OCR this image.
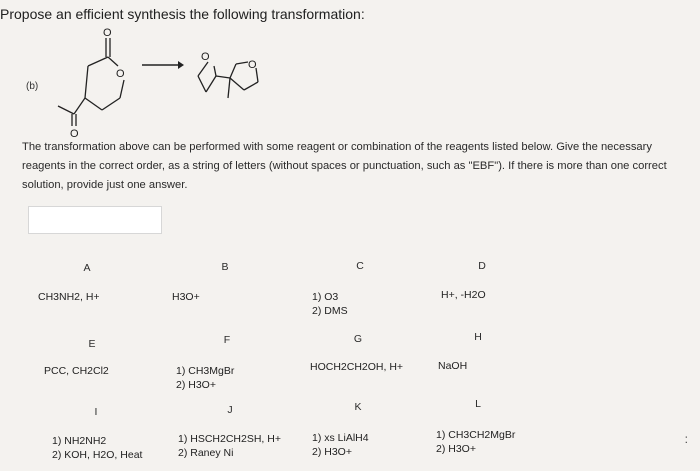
Propose an efficient synthesis the following transformation:
(b)
O
O
O
O
O
The transformation above can be performed with some reagent or combination of the reagents listed below. Give the necessary reagents in the correct order, as a string of letters (without spaces or punctuation, such as "EBF"). If there is more than one correct solution, provide just one answer.
A
CH3NH2, H+
B
H3O+
C
1) O3
2) DMS
D
H+, -H2O
E
PCC, CH2Cl2
F
1) CH3MgBr
2) H3O+
G
HOCH2CH2OH, H+
H
NaOH
I
1) NH2NH2
2) KOH, H2O, Heat
J
1) HSCH2CH2SH, H+
2) Raney Ni
K
1) xs LiAlH4
2) H3O+
L
1) CH3CH2MgBr
2) H3O+
:
